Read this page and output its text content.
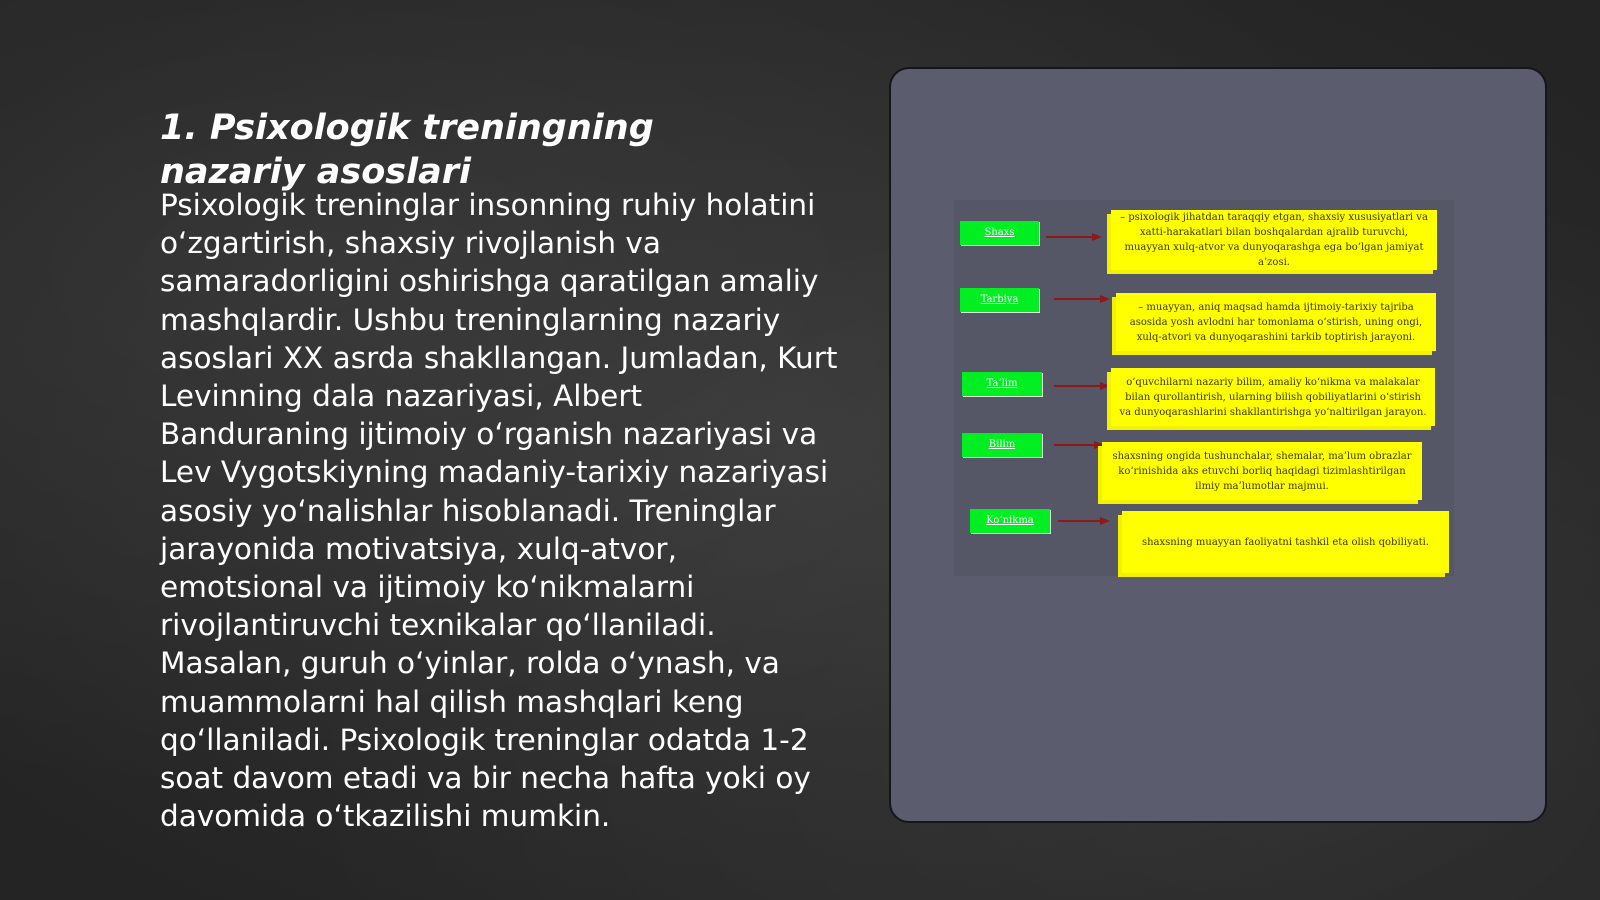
1. Psixologik treningning nazariy asoslari

Psixologik treninglar insonning ruhiy holatini oʻzgartirish, shaxsiy rivojlanish va samaradorligini oshirishga qaratilgan amaliy mashqlardir. Ushbu treninglarning nazariy asoslari XX asrda shakllangan. Jumladan, Kurt Levinning dala nazariyasi, Albert Banduraning ijtimoiy oʻrganish nazariyasi va Lev Vygotskiyning madaniy-tarixiy nazariyasi asosiy yoʻnalishlar hisoblanadi. Treninglar jarayonida motivatsiya, xulq-atvor, emotsional va ijtimoiy koʻnikmalarni rivojlantiruvchi texnikalar qoʻllaniladi. Masalan, guruh oʻyinlar, rolda oʻynash, va muammolarni hal qilish mashqlari keng qoʻllaniladi. Psixologik treninglar odatda 1-2 soat davom etadi va bir necha hafta yoki oy davomida oʻtkazilishi mumkin.

Shaxs
– psixologik jihatdan taraqqiy etgan, shaxsiy xususiyatlari va xatti-harakatlari bilan boshqalardan ajralib turuvchi, muayyan xulq-atvor va dunyoqarashga ega boʻlgan jamiyat a’zosi.
Tarbiya
– muayyan, aniq maqsad hamda ijtimoiy-tarixiy tajriba asosida yosh avlodni har tomonlama oʻstirish, uning ongi, xulq-atvori va dunyoqarashini tarkib toptirish jarayoni.
Ta’lim	oʻquvchilarni nazariy bilim, amaliy koʻnikma va malakalar bilan qurollantirish, ularning bilish qobiliyatlarini oʻstirish va dunyoqarashlarini shakllantirishga yoʻnaltirilgan jarayon.
Bilim
shaxsning ongida tushunchalar, shemalar, ma’lum obrazlar koʻrinishida aks etuvchi borliq haqidagi tizimlashtirilgan ilmiy ma’lumotlar majmui.
Koʻnikma
shaxsning muayyan faoliyatni tashkil eta olish qobiliyati.
